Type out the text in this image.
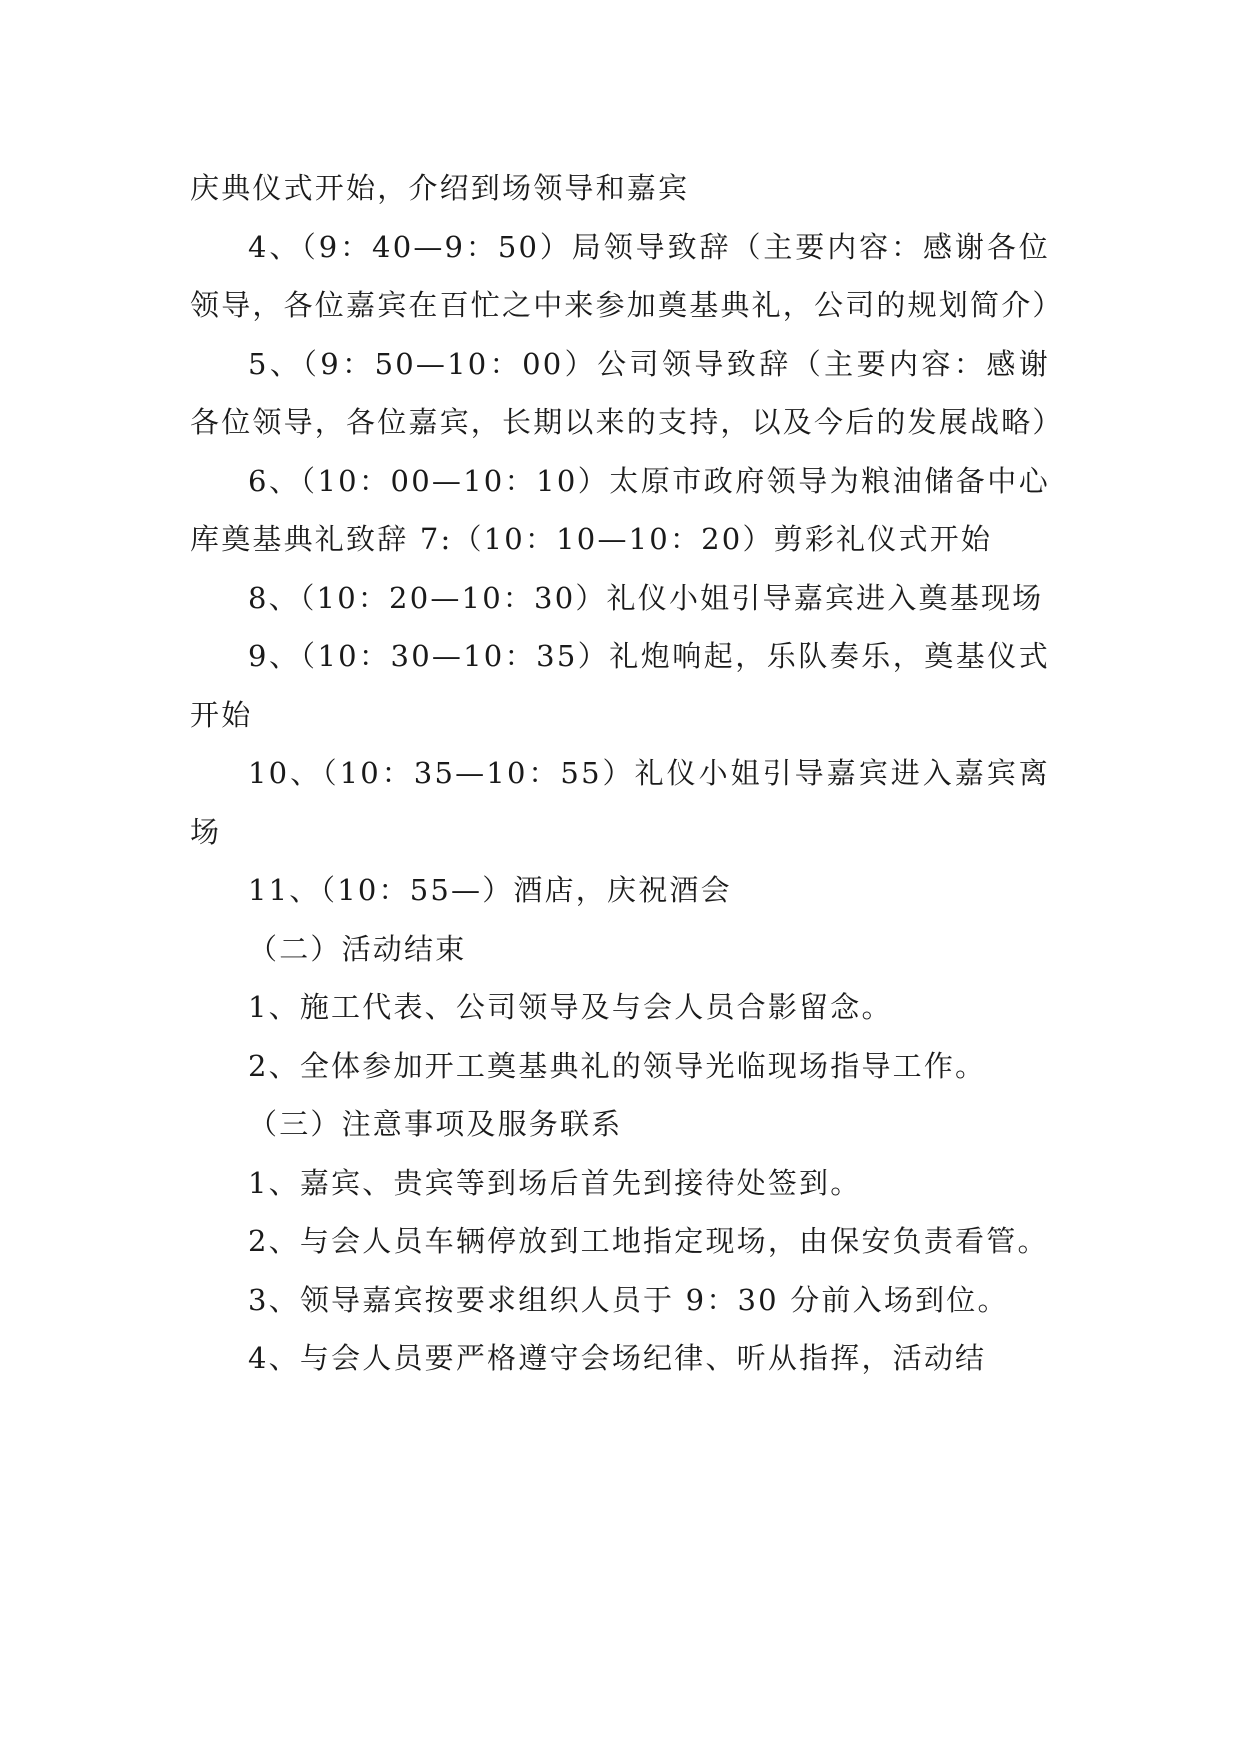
庆典仪式开始，介绍到场领导和嘉宾

4、（9：40—9：50）局领导致辞（主要内容：感谢各位领导，各位嘉宾在百忙之中来参加奠基典礼，公司的规划简介）

5、（9：50—10：00）公司领导致辞（主要内容：感谢各位领导，各位嘉宾，长期以来的支持，以及今后的发展战略）

6、（10：00—10：10）太原市政府领导为粮油储备中心库奠基典礼致辞 7:（10：10—10：20）剪彩礼仪式开始

8、（10：20—10：30）礼仪小姐引导嘉宾进入奠基现场

9、（10：30—10：35）礼炮响起，乐队奏乐，奠基仪式开始

10、（10：35—10：55）礼仪小姐引导嘉宾进入嘉宾离场

11、（10：55—）酒店，庆祝酒会

（二）活动结束

1、施工代表、公司领导及与会人员合影留念。

2、全体参加开工奠基典礼的领导光临现场指导工作。

（三）注意事项及服务联系

1、嘉宾、贵宾等到场后首先到接待处签到。

2、与会人员车辆停放到工地指定现场，由保安负责看管。

3、领导嘉宾按要求组织人员于 9：30 分前入场到位。

4、与会人员要严格遵守会场纪律、听从指挥，活动结
